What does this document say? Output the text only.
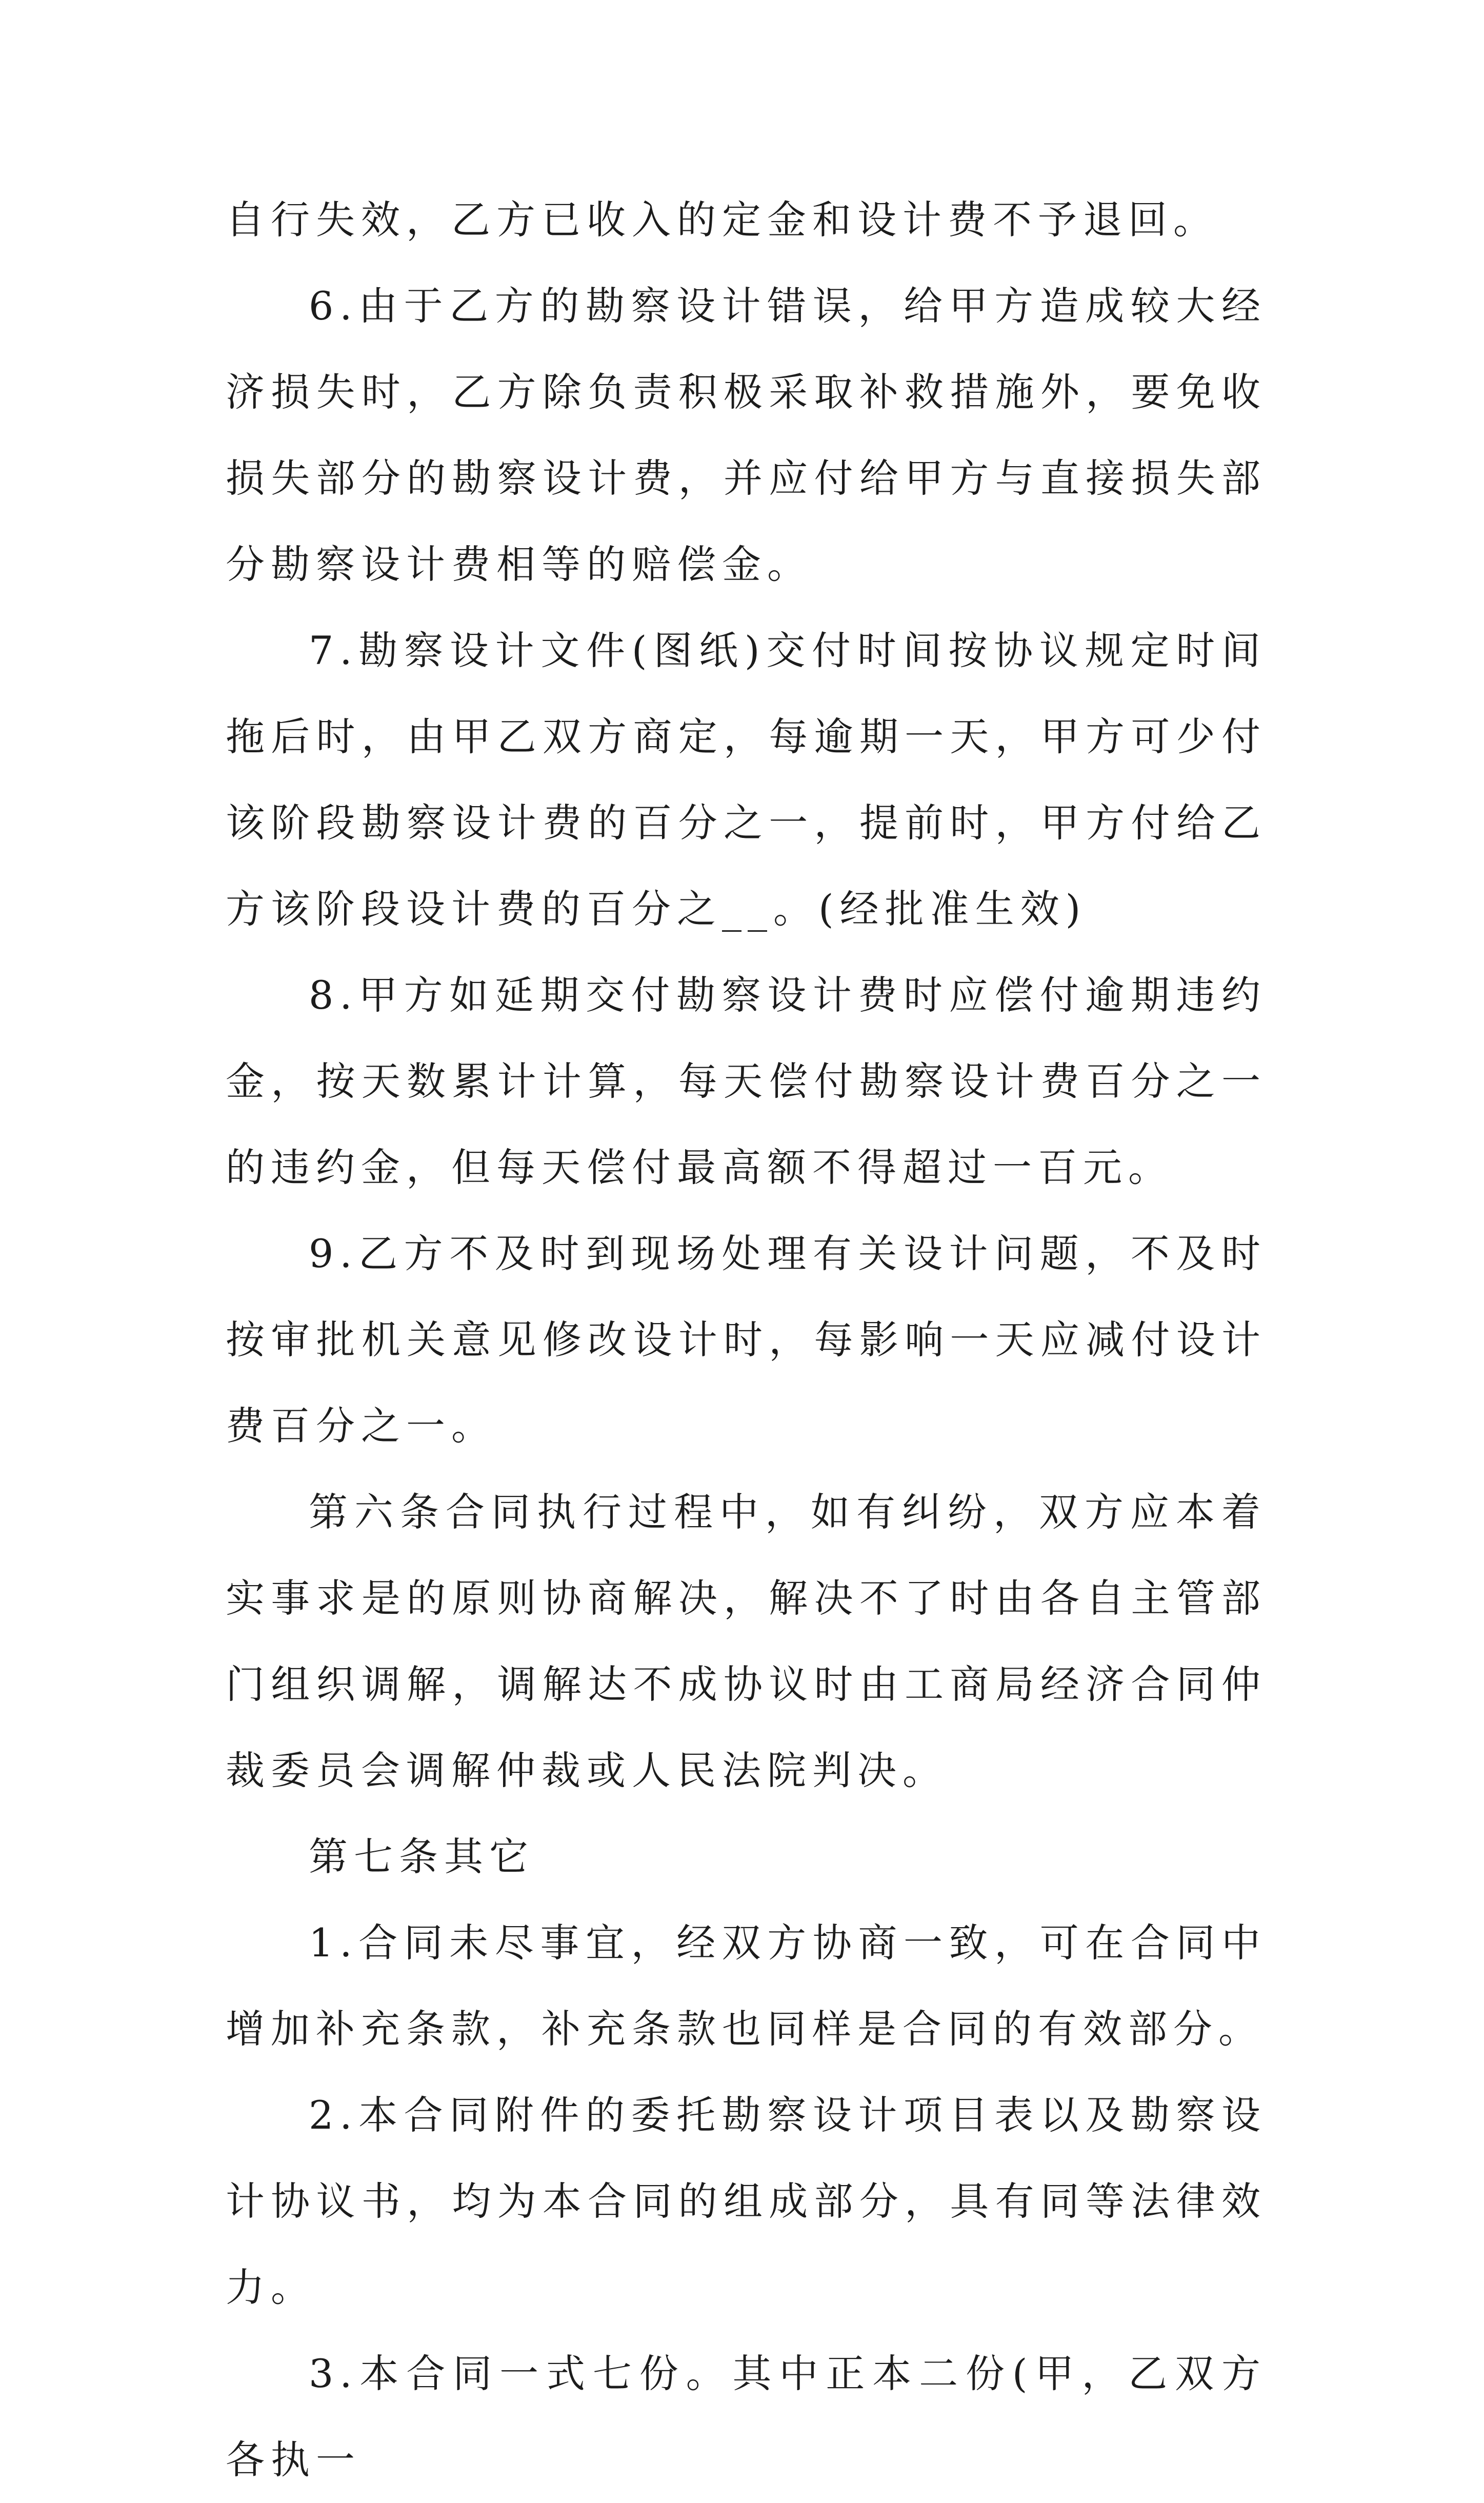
自行失效，乙方已收入的定金和设计费不予退回。

6.由于乙方的勘察设计错误，给甲方造成较大经济损失时，乙方除负责积极采取补救措施外，要免收损失部分的勘察设计费，并应付给甲方与直接损失部分勘察设计费相等的赔偿金。

7.勘察设计文件(图纸)交付时间按协议规定时间拖后时，由甲乙双方商定，每逾期一天，甲方可少付该阶段勘察设计费的百分之一，提前时，甲方付给乙方该阶段设计费的百分之__。(经批准生效)

8.甲方如延期交付勘察设计费时应偿付逾期违约金，按天数累计计算，每天偿付勘察设计费百分之一的违约金，但每天偿付最高额不得超过一百元。

9.乙方不及时到现场处理有关设计问题，不及时按审批机关意见修改设计时，每影响一天应减付设计费百分之一。

第六条合同执行过程中，如有纠纷，双方应本着实事求是的原则协商解决，解决不了时由各自主管部门组织调解，调解达不成协议时由工商局经济合同仲裁委员会调解仲裁或人民法院判决。

第七条其它

1.合同未尽事宜，经双方协商一致，可在合同中增加补充条款，补充条款也同样是合同的有效部分。

2.本合同附件的委托勘察设计项目表以及勘察设计协议书，均为本合同的组成部分，具有同等法律效力。

3.本合同一式七份。其中正本二份(甲，乙双方各执一
